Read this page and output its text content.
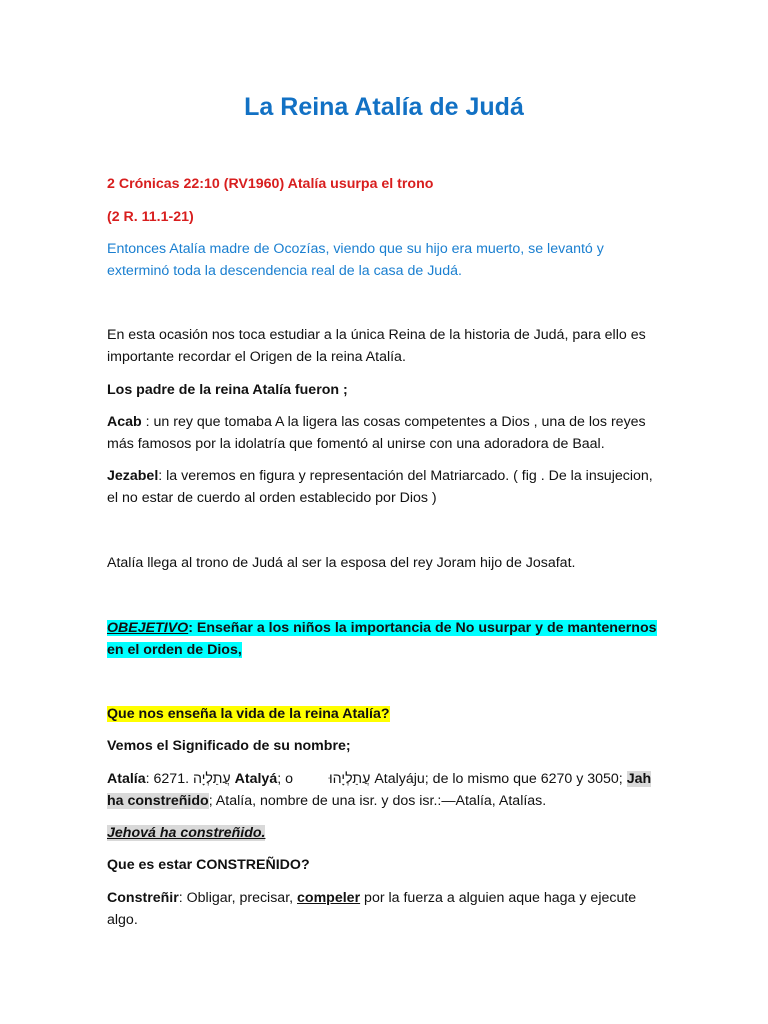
La Reina Atalía de Judá

2 Crónicas 22:10 (RV1960) Atalía usurpa el trono

(2 R. 11.1-21)

Entonces Atalía madre de Ocozías, viendo que su hijo era muerto, se levantó y exterminó toda la descendencia real de la casa de Judá.

En esta ocasión nos toca estudiar a la única Reina de la historia de Judá, para ello es importante recordar el Origen de la reina Atalía.

Los padre de la reina Atalía fueron ;

Acab : un rey que tomaba A la ligera las cosas competentes a Dios , una de los reyes más famosos por la idolatría que fomentó al unirse con una adoradora de Baal.

Jezabel: la veremos en figura y representación del Matriarcado. ( fig . De la insujecion, el no estar de cuerdo al orden establecido por Dios )

Atalía llega al trono de Judá al ser la esposa del rey Joram hijo de Josafat.

OBEJETIVO: Enseñar a los niños la importancia de No usurpar y de mantenernos en el orden de Dios,

Que nos enseña la vida de la reina Atalía?

Vemos el Significado de su nombre;

Atalía: 6271. עֲתַלְיָה Atalyá; o	עֲתַלְיָהוּ Atalyáju; de lo mismo que 6270 y 3050; Jah ha constreñido; Atalía, nombre de una isr. y dos isr.:—Atalía, Atalías.

Jehová ha constreñido.

Que es estar CONSTREÑIDO?

Constreñir: Obligar, precisar, compeler por la fuerza a alguien aque haga y ejecute algo.
